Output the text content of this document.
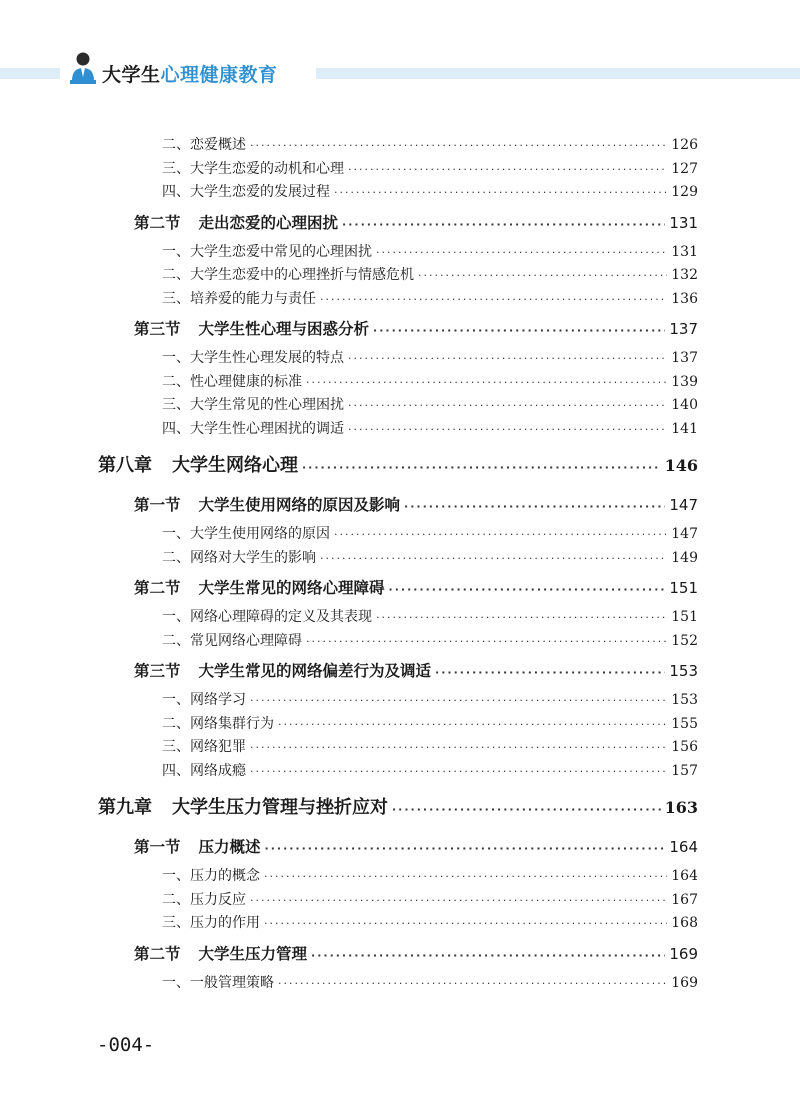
大学生心理健康教育
二、恋爱概述 ·····	126
三、大学生恋爱的动机和心理 ·····	127
四、大学生恋爱的发展过程 ·····	129
第二节 走出恋爱的心理困扰 ·····	131
一、大学生恋爱中常见的心理困扰 ·····	131
二、大学生恋爱中的心理挫折与情感危机 ·····	132
三、培养爱的能力与责任 ·····	136
第三节 大学生性心理与困惑分析 ·····	137
一、大学生性心理发展的特点 ·····	137
二、性心理健康的标准 ·····	139
三、大学生常见的性心理困扰 ·····	140
四、大学生性心理困扰的调适 ·····	141
第八章 大学生网络心理 ·····	146
第一节 大学生使用网络的原因及影响 ·····	147
一、大学生使用网络的原因 ·····	147
二、网络对大学生的影响 ·····	149
第二节 大学生常见的网络心理障碍 ·····	151
一、网络心理障碍的定义及其表现 ·····	151
二、常见网络心理障碍 ·····	152
第三节 大学生常见的网络偏差行为及调适 ·····	153
一、网络学习 ·····	153
二、网络集群行为 ·····	155
三、网络犯罪 ·····	156
四、网络成瘾 ·····	157
第九章 大学生压力管理与挫折应对 ·····	163
第一节 压力概述 ·····	164
一、压力的概念 ·····	164
二、压力反应 ·····	167
三、压力的作用 ·····	168
第二节 大学生压力管理 ·····	169
一、一般管理策略 ·····	169
-004-
